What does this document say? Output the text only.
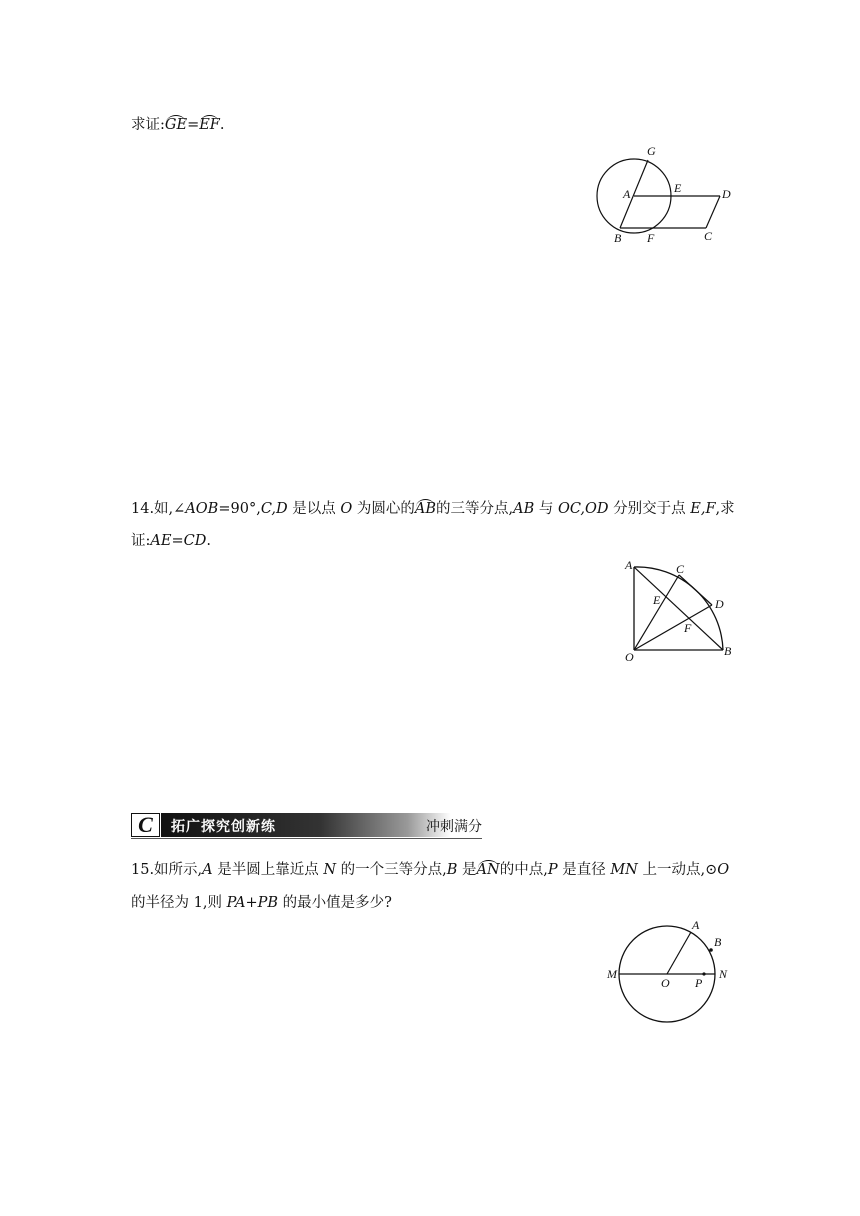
求证:GE=EF.
G
A	E	D
B F	C
14.如,∠AOB=90°,C,D 是以点 O 为圆心的AB的三等分点,AB 与 OC,OD 分别交于点 E,F,求
证:AE=CD.
A	C
E	D
F
O	B
C	拓广探究创新练	冲刺满分
15.如所示,A 是半圆上靠近点 N 的一个三等分点,B 是AN的中点,P 是直径 MN 上一动点,⊙O
的半径为 1,则 PA+PB 的最小值是多少?
A
B
M
O P
N
